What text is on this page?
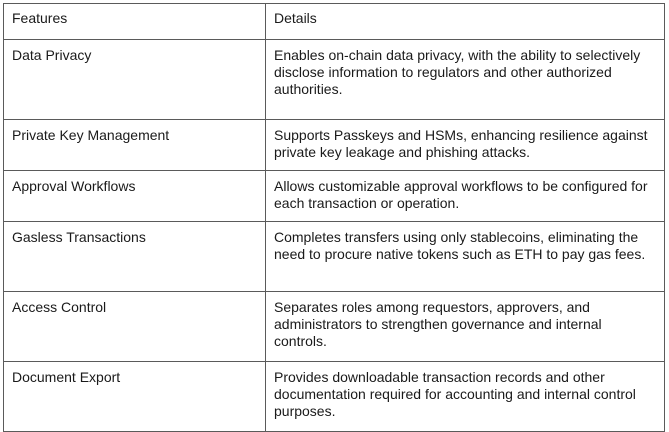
Features	Details
Data Privacy	Enables on-chain data privacy, with the ability to selectively disclose information to regulators and other authorized authorities.
Private Key Management	Supports Passkeys and HSMs, enhancing resilience against private key leakage and phishing attacks.
Approval Workflows	Allows customizable approval workflows to be configured for each transaction or operation.
Gasless Transactions	Completes transfers using only stablecoins, eliminating the need to procure native tokens such as ETH to pay gas fees.
Access Control	Separates roles among requestors, approvers, and administrators to strengthen governance and internal controls.
Document Export	Provides downloadable transaction records and other documentation required for accounting and internal control purposes.
